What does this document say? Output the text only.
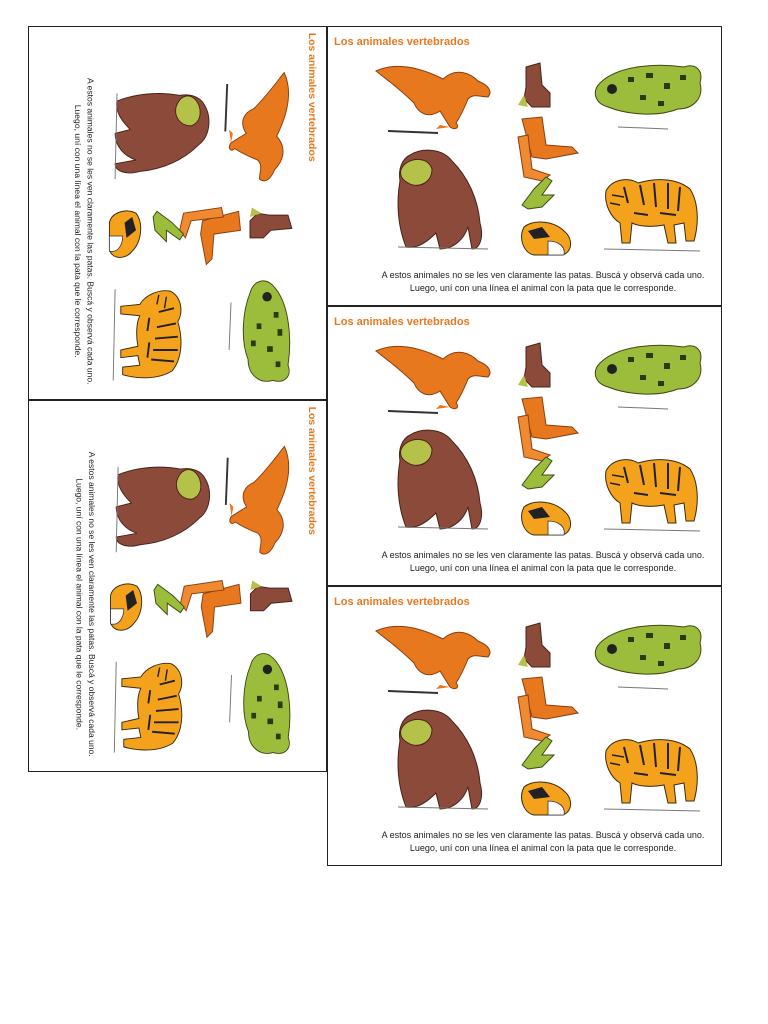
Los animales vertebrados
A estos animales no se les ven claramente las patas. Buscá y observá cada uno.
Luego, uní con una línea el animal con la pata que le corresponde.
Los animales vertebrados
A estos animales no se les ven claramente las patas. Buscá y observá cada uno.
Luego, uní con una línea el animal con la pata que le corresponde.
Los animales vertebrados
A estos animales no se les ven claramente las patas. Buscá y observá cada uno.
Luego, uní con una línea el animal con la pata que le corresponde.
Los animales vertebrados
A estos animales no se les ven claramente las patas. Buscá y observá cada uno.
Luego, uní con una línea el animal con la pata que le corresponde.
Los animales vertebrados
A estos animales no se les ven claramente las patas. Buscá y observá cada uno.
Luego, uní con una línea el animal con la pata que le corresponde.
